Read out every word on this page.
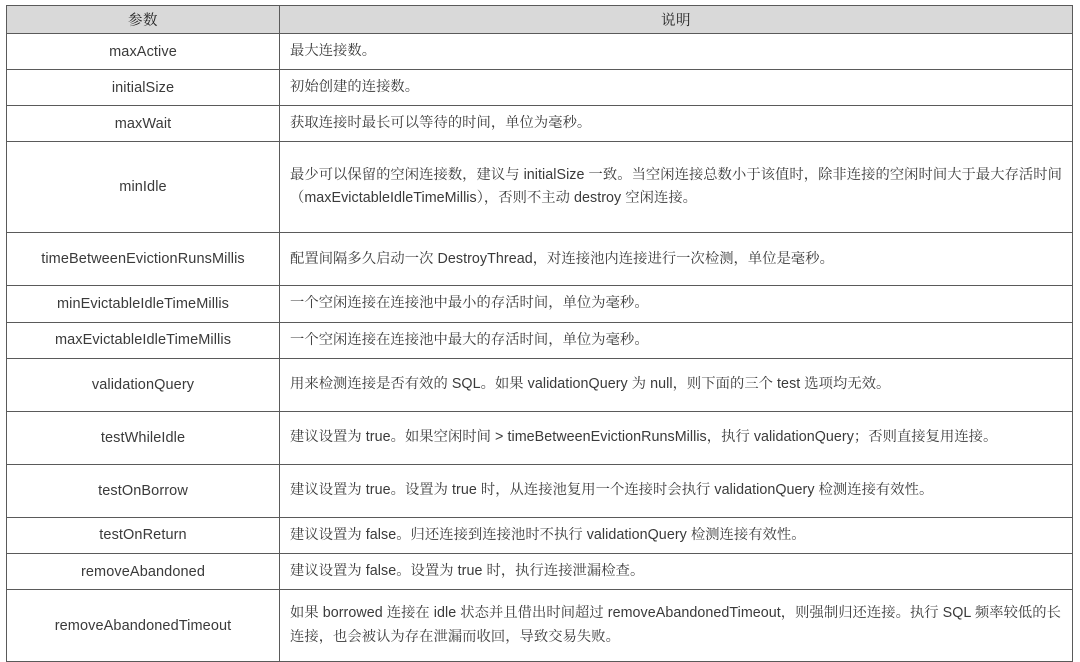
参数	说明
maxActive	最大连接数。
initialSize	初始创建的连接数。
maxWait	获取连接时最长可以等待的时间，单位为毫秒。
minIdle	最少可以保留的空闲连接数，建议与 initialSize 一致。当空闲连接总数小于该值时，除非连接的空闲时间大于最大存活时间（maxEvictableIdleTimeMillis），否则不主动 destroy 空闲连接。
timeBetweenEvictionRunsMillis	配置间隔多久启动一次 DestroyThread，对连接池内连接进行一次检测，单位是毫秒。
minEvictableIdleTimeMillis	一个空闲连接在连接池中最小的存活时间，单位为毫秒。
maxEvictableIdleTimeMillis	一个空闲连接在连接池中最大的存活时间，单位为毫秒。
validationQuery	用来检测连接是否有效的 SQL。如果 validationQuery 为 null，则下面的三个 test 选项均无效。
testWhileIdle	建议设置为 true。如果空闲时间 > timeBetweenEvictionRunsMillis，执行 validationQuery；否则直接复用连接。
testOnBorrow	建议设置为 true。设置为 true 时，从连接池复用一个连接时会执行 validationQuery 检测连接有效性。
testOnReturn	建议设置为 false。归还连接到连接池时不执行 validationQuery 检测连接有效性。
removeAbandoned	建议设置为 false。设置为 true 时，执行连接泄漏检查。
removeAbandonedTimeout	如果 borrowed 连接在 idle 状态并且借出时间超过 removeAbandonedTimeout，则强制归还连接。执行 SQL 频率较低的长连接，也会被认为存在泄漏而收回，导致交易失败。
